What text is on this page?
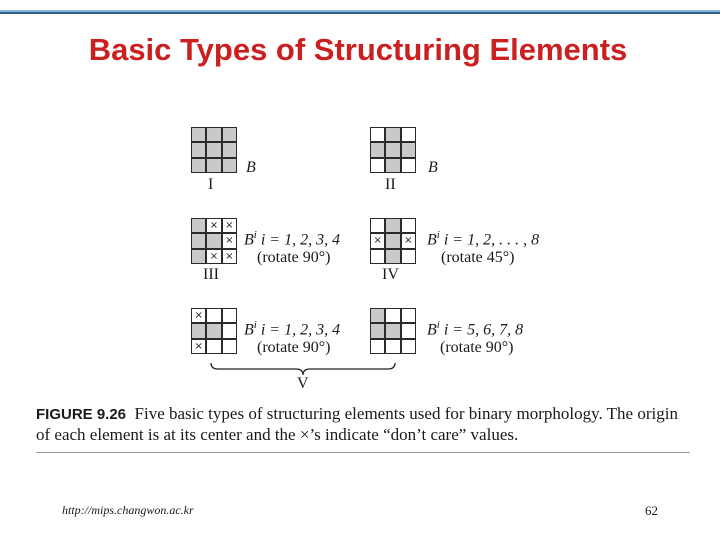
Basic Types of Structuring Elements
I
B
II
B
× ×
×
× ×
III
$B^i$ i = 1, 2, 3, 4
(rotate 90°)
×	×
IV
$B^i$ i = 1, 2, . . . , 8
(rotate 45°)
×
×
$B^i$ i = 1, 2, 3, 4
(rotate 90°)
$B^i$ i = 5, 6, 7, 8
(rotate 90°)
V
FIGURE 9.26 Five basic types of structuring elements used for binary morphology. The origin of each element is at its center and the ×’s indicate “don’t care” values.
http://mips.changwon.ac.kr	62
